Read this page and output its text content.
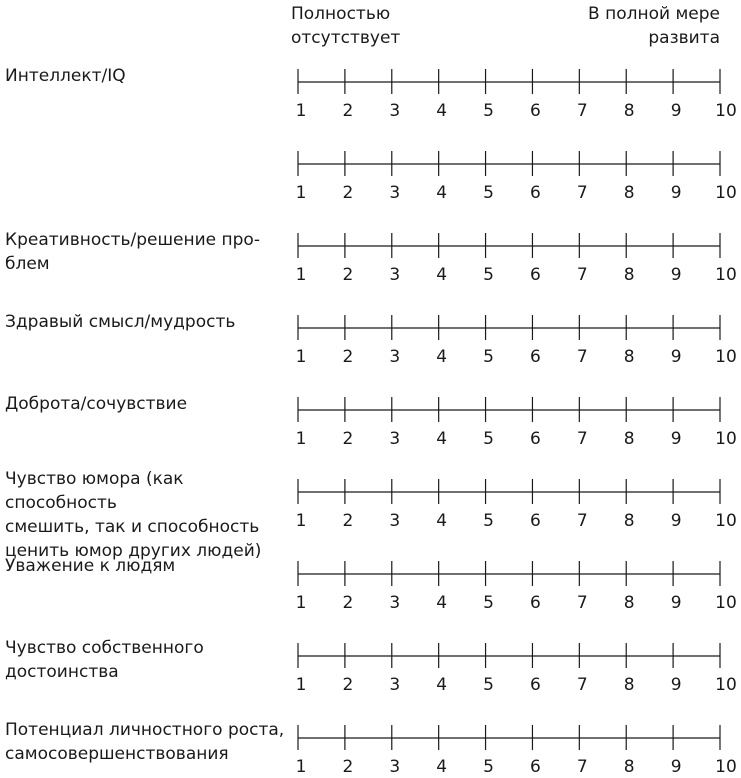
Полностью
отсутствует
В полной мере
развита
Интеллект/IQ
1 2 3 4 5 6 7 8 9 10
1 2 3 4 5 6 7 8 9 10
Креативность/решение про-
блем
1 2 3 4 5 6 7 8 9 10
Здравый смысл/мудрость
1 2 3 4 5 6 7 8 9 10
Доброта/сочувствие
1 2 3 4 5 6 7 8 9 10
Чувство юмора (как способность
смешить, так и способность
ценить юмор других людей)
1 2 3 4 5 6 7 8 9 10
Уважение к людям
1 2 3 4 5 6 7 8 9 10
Чувство собственного
достоинства
1 2 3 4 5 6 7 8 9 10
Потенциал личностного роста,
самосовершенствования
1 2 3 4 5 6 7 8 9 10
